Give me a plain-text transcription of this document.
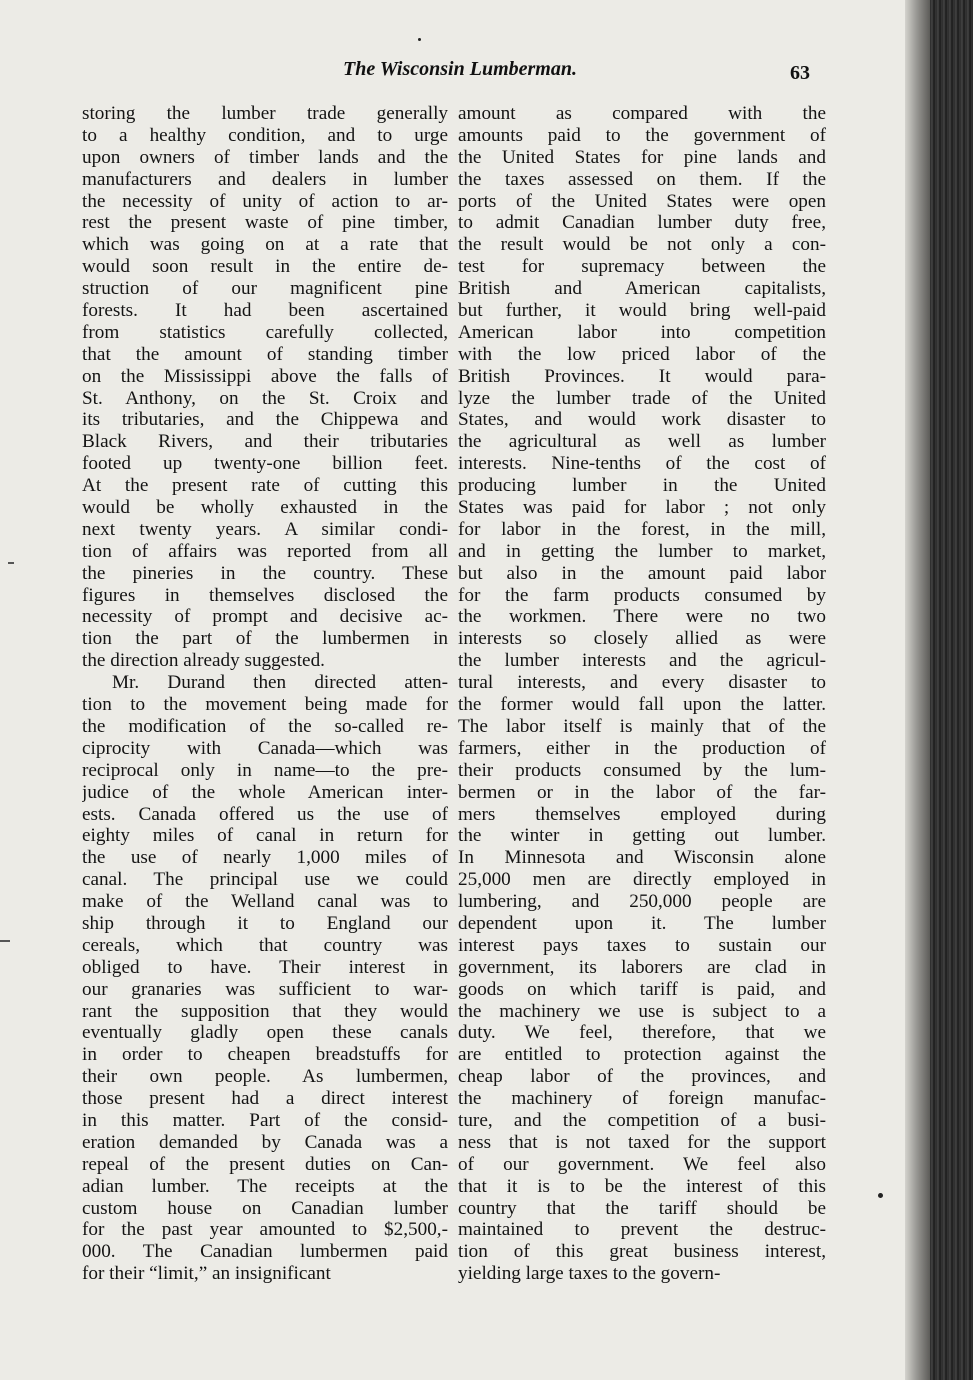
The Wisconsin Lumberman.	63
storing the lumber trade generally
to a healthy condition, and to urge
upon owners of timber lands and the
manufacturers and dealers in lumber
the necessity of unity of action to ar-
rest the present waste of pine timber,
which was going on at a rate that
would soon result in the entire de-
struction of our magnificent pine
forests. It had been ascertained
from statistics carefully collected,
that the amount of standing timber
on the Mississippi above the falls of
St. Anthony, on the St. Croix and
its tributaries, and the Chippewa and
Black Rivers, and their tributaries
footed up twenty-one billion feet.
At the present rate of cutting this
would be wholly exhausted in the
next twenty years. A similar condi-
tion of affairs was reported from all
the pineries in the country. These
figures in themselves disclosed the
necessity of prompt and decisive ac-
tion the part of the lumbermen in
the direction already suggested.
Mr. Durand then directed atten-
tion to the movement being made for
the modification of the so-called re-
ciprocity with Canada—which was
reciprocal only in name—to the pre-
judice of the whole American inter-
ests. Canada offered us the use of
eighty miles of canal in return for
the use of nearly 1,000 miles of
canal. The principal use we could
make of the Welland canal was to
ship through it to England our
cereals, which that country was
obliged to have. Their interest in
our granaries was sufficient to war-
rant the supposition that they would
eventually gladly open these canals
in order to cheapen breadstuffs for
their own people. As lumbermen,
those present had a direct interest
in this matter. Part of the consid-
eration demanded by Canada was a
repeal of the present duties on Can-
adian lumber. The receipts at the
custom house on Canadian lumber
for the past year amounted to $2,500,-
000. The Canadian lumbermen paid
for their “limit,” an insignificant
amount as compared with the
amounts paid to the government of
the United States for pine lands and
the taxes assessed on them. If the
ports of the United States were open
to admit Canadian lumber duty free,
the result would be not only a con-
test for supremacy between the
British and American capitalists,
but further, it would bring well-paid
American labor into competition
with the low priced labor of the
British Provinces. It would para-
lyze the lumber trade of the United
States, and would work disaster to
the agricultural as well as lumber
interests. Nine-tenths of the cost of
producing lumber in the United
States was paid for labor ; not only
for labor in the forest, in the mill,
and in getting the lumber to market,
but also in the amount paid labor
for the farm products consumed by
the workmen. There were no two
interests so closely allied as were
the lumber interests and the agricul-
tural interests, and every disaster to
the former would fall upon the latter.
The labor itself is mainly that of the
farmers, either in the production of
their products consumed by the lum-
bermen or in the labor of the far-
mers themselves employed during
the winter in getting out lumber.
In Minnesota and Wisconsin alone
25,000 men are directly employed in
lumbering, and 250,000 people are
dependent upon it. The lumber
interest pays taxes to sustain our
government, its laborers are clad in
goods on which tariff is paid, and
the machinery we use is subject to a
duty. We feel, therefore, that we
are entitled to protection against the
cheap labor of the provinces, and
the machinery of foreign manufac-
ture, and the competition of a busi-
ness that is not taxed for the support
of our government. We feel also
that it is to be the interest of this
country that the tariff should be
maintained to prevent the destruc-
tion of this great business interest,
yielding large taxes to the govern-
